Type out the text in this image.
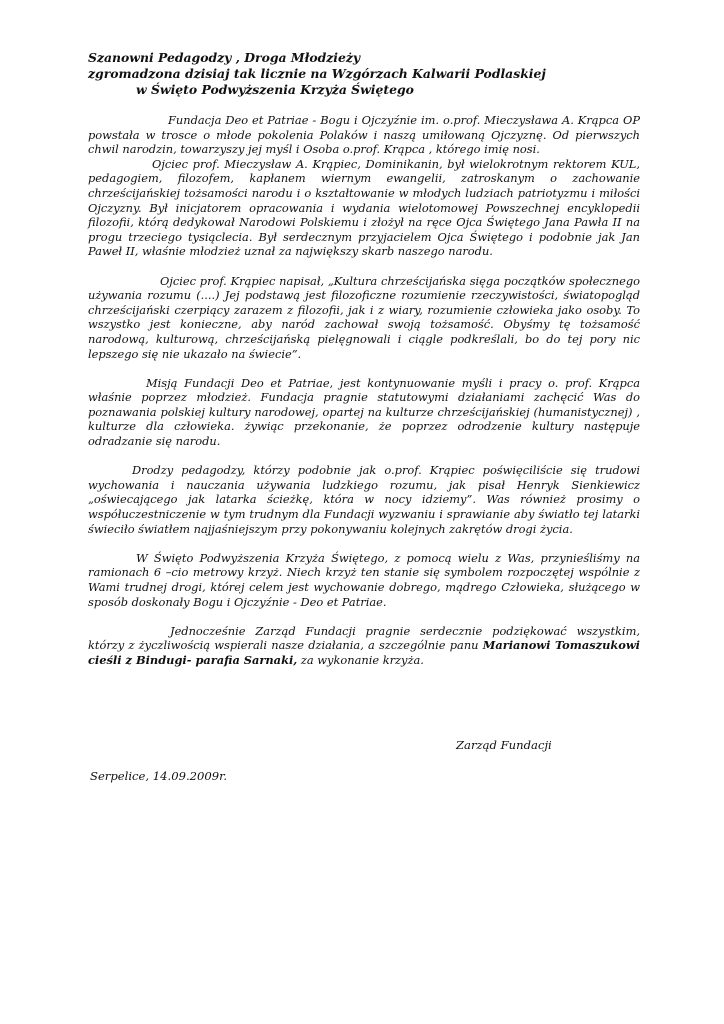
Szanowni Pedagodzy , Droga Młodzieży
zgromadzona dzisiaj tak licznie na Wzgórzach Kalwarii Podlaskiej
w Święto Podwyższenia Krzyża Świętego

Fundacja Deo et Patriae - Bogu i Ojczyźnie im. o.prof. Mieczysława A. Krąpca OP powstała w trosce o młode pokolenia Polaków i naszą umiłowaną Ojczyznę. Od pierwszych chwil narodzin, towarzyszy jej myśl i Osoba o.prof. Krąpca , którego imię nosi.

Ojciec prof. Mieczysław A. Krąpiec, Dominikanin, był wielokrotnym rektorem KUL, pedagogiem, filozofem, kapłanem wiernym ewangelii, zatroskanym o zachowanie chrześcijańskiej tożsamości narodu i o kształtowanie w młodych ludziach patriotyzmu i miłości Ojczyzny. Był inicjatorem opracowania i wydania wielotomowej Powszechnej encyklopedii filozofii, którą dedykował Narodowi Polskiemu i złożył na ręce Ojca Świętego Jana Pawła II na progu trzeciego tysiąclecia. Był serdecznym przyjacielem Ojca Świętego i podobnie jak Jan Paweł II, właśnie młodzież uznał za największy skarb naszego narodu.

Ojciec prof. Krąpiec napisał, „Kultura chrześcijańska sięga początków społecznego używania rozumu (....) Jej podstawą jest filozoficzne rozumienie rzeczywistości, światopogląd chrześcijański czerpiący zarazem z filozofii, jak i z wiary, rozumienie człowieka jako osoby. To wszystko jest konieczne, aby naród zachował swoją tożsamość. Obyśmy tę tożsamość narodową, kulturową, chrześcijańską pielęgnowali i ciągle podkreślali, bo do tej pory nic lepszego się nie ukazało na świecie”.

Misją Fundacji Deo et Patriae, jest kontynuowanie myśli i pracy o. prof. Krąpca właśnie poprzez młodzież. Fundacja pragnie statutowymi działaniami zachęcić Was do poznawania polskiej kultury narodowej, opartej na kulturze chrześcijańskiej (humanistycznej) , kulturze dla człowieka. żywiąc przekonanie, że poprzez odrodzenie kultury następuje odradzanie się narodu.

Drodzy pedagodzy, którzy podobnie jak o.prof. Krąpiec poświęciliście się trudowi wychowania i nauczania używania ludzkiego rozumu, jak pisał Henryk Sienkiewicz „oświecającego jak latarka ścieżkę, która w nocy idziemy”. Was również prosimy o współuczestniczenie w tym trudnym dla Fundacji wyzwaniu i sprawianie aby światło tej latarki świeciło światłem najjaśniejszym przy pokonywaniu kolejnych zakrętów drogi życia.

W Święto Podwyższenia Krzyża Świętego, z pomocą wielu z Was, przynieśliśmy na ramionach 6 –cio metrowy krzyż. Niech krzyż ten stanie się symbolem rozpoczętej wspólnie z Wami trudnej drogi, której celem jest wychowanie dobrego, mądrego Człowieka, służącego w sposób doskonały Bogu i Ojczyźnie - Deo et Patriae.

Jednocześnie Zarząd Fundacji pragnie serdecznie podziękować wszystkim, którzy z życzliwością wspierali nasze działania, a szczególnie panu Marianowi Tomaszukowi cieśli z Bindugi- parafia Sarnaki, za wykonanie krzyża.

Zarząd Fundacji
Serpelice, 14.09.2009r.
